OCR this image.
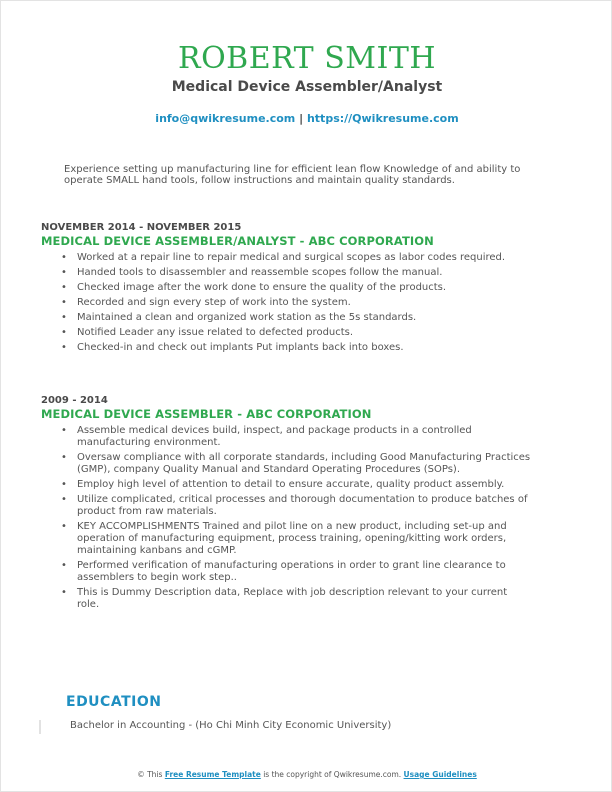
ROBERT SMITH
Medical Device Assembler/Analyst
info@qwikresume.com | https://Qwikresume.com
Experience setting up manufacturing line for efficient lean flow Knowledge of and ability to operate SMALL hand tools, follow instructions and maintain quality standards.
NOVEMBER 2014 - NOVEMBER 2015
MEDICAL DEVICE ASSEMBLER/ANALYST - ABC CORPORATION
• Worked at a repair line to repair medical and surgical scopes as labor codes required.
• Handed tools to disassembler and reassemble scopes follow the manual.
• Checked image after the work done to ensure the quality of the products.
• Recorded and sign every step of work into the system.
• Maintained a clean and organized work station as the 5s standards.
• Notified Leader any issue related to defected products.
• Checked-in and check out implants Put implants back into boxes.
2009 - 2014
MEDICAL DEVICE ASSEMBLER - ABC CORPORATION
• Assemble medical devices build, inspect, and package products in a controlled manufacturing environment.
• Oversaw compliance with all corporate standards, including Good Manufacturing Practices (GMP), company Quality Manual and Standard Operating Procedures (SOPs).
• Employ high level of attention to detail to ensure accurate, quality product assembly.
• Utilize complicated, critical processes and thorough documentation to produce batches of product from raw materials.
• KEY ACCOMPLISHMENTS Trained and pilot line on a new product, including set-up and operation of manufacturing equipment, process training, opening/kitting work orders, maintaining kanbans and cGMP.
• Performed verification of manufacturing operations in order to grant line clearance to assemblers to begin work step..
• This is Dummy Description data, Replace with job description relevant to your current role.
EDUCATION
Bachelor in Accounting - (Ho Chi Minh City Economic University)
© This Free Resume Template is the copyright of Qwikresume.com. Usage Guidelines
